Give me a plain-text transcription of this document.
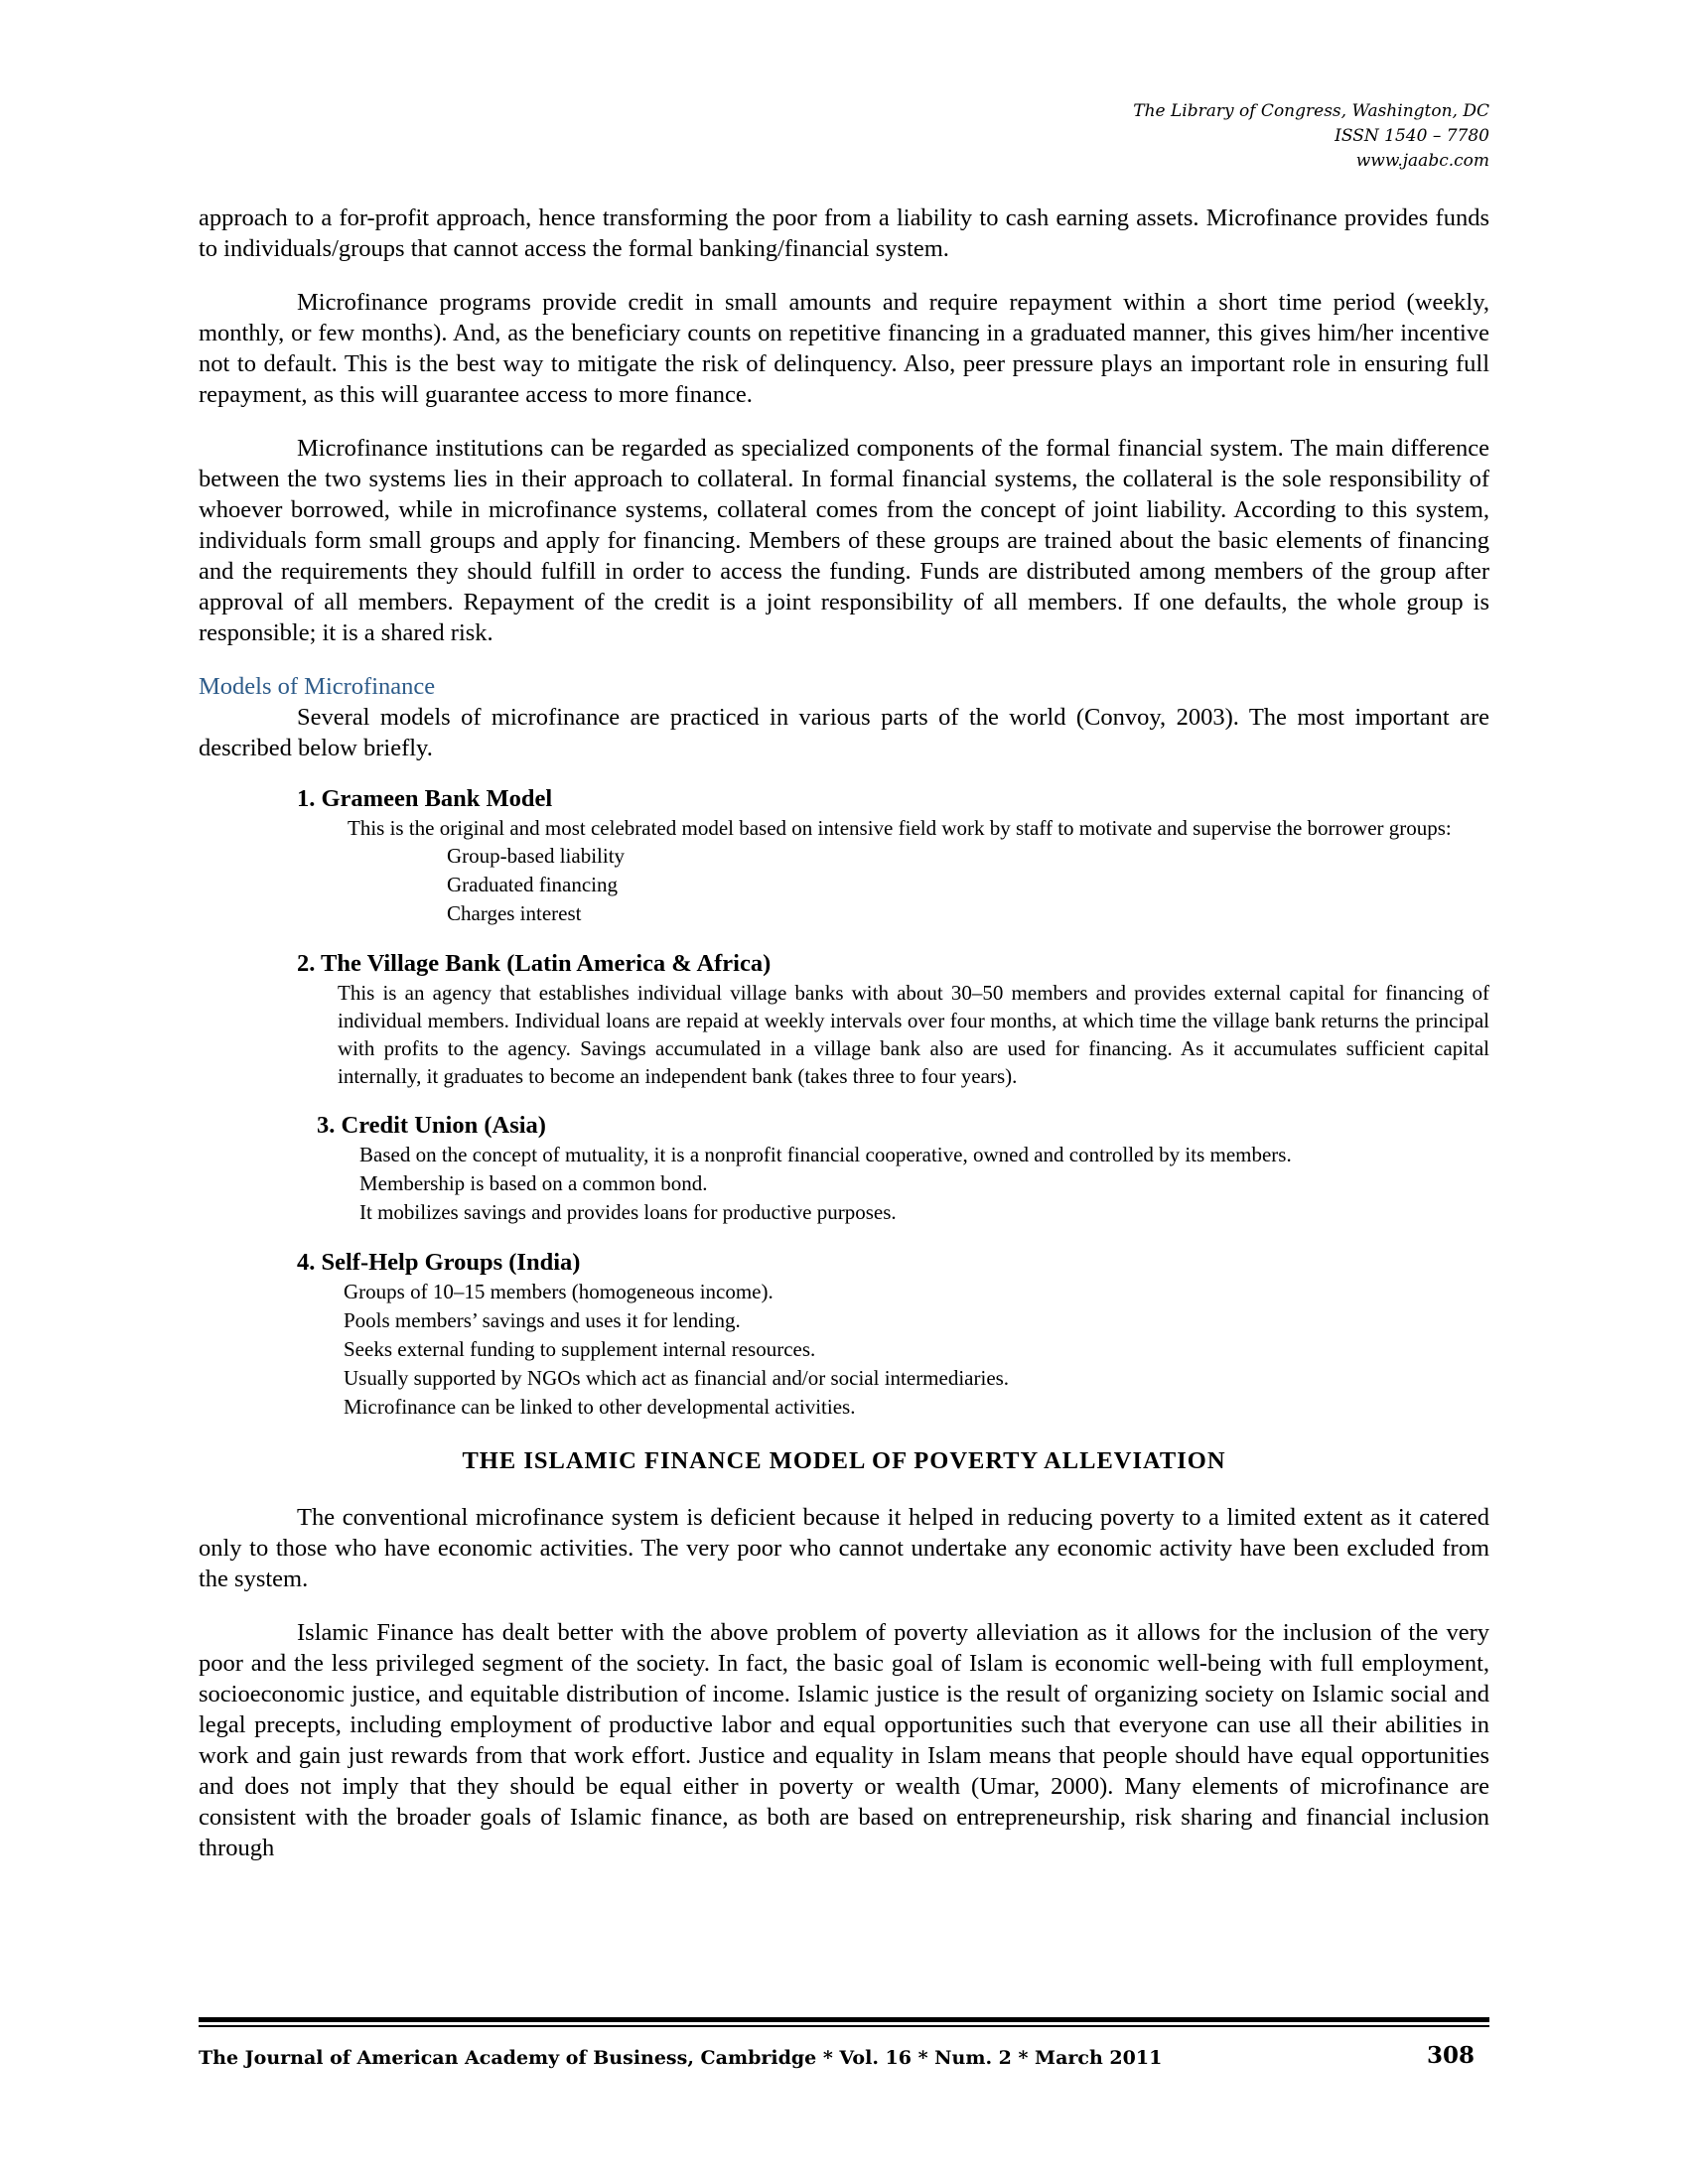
The Library of Congress, Washington, DC
ISSN 1540 – 7780
www.jaabc.com

approach to a for-profit approach, hence transforming the poor from a liability to cash earning assets. Microfinance provides funds to individuals/groups that cannot access the formal banking/financial system.

Microfinance programs provide credit in small amounts and require repayment within a short time period (weekly, monthly, or few months). And, as the beneficiary counts on repetitive financing in a graduated manner, this gives him/her incentive not to default. This is the best way to mitigate the risk of delinquency. Also, peer pressure plays an important role in ensuring full repayment, as this will guarantee access to more finance.

Microfinance institutions can be regarded as specialized components of the formal financial system. The main difference between the two systems lies in their approach to collateral. In formal financial systems, the collateral is the sole responsibility of whoever borrowed, while in microfinance systems, collateral comes from the concept of joint liability. According to this system, individuals form small groups and apply for financing. Members of these groups are trained about the basic elements of financing and the requirements they should fulfill in order to access the funding. Funds are distributed among members of the group after approval of all members. Repayment of the credit is a joint responsibility of all members. If one defaults, the whole group is responsible; it is a shared risk.

Models of Microfinance

Several models of microfinance are practiced in various parts of the world (Convoy, 2003). The most important are described below briefly.

1. Grameen Bank Model
This is the original and most celebrated model based on intensive field work by staff to motivate and supervise the borrower groups:
Group-based liability
Graduated financing
Charges interest
2. The Village Bank (Latin America & Africa)
This is an agency that establishes individual village banks with about 30–50 members and provides external capital for financing of individual members. Individual loans are repaid at weekly intervals over four months, at which time the village bank returns the principal with profits to the agency. Savings accumulated in a village bank also are used for financing. As it accumulates sufficient capital internally, it graduates to become an independent bank (takes three to four years).
3. Credit Union (Asia)
Based on the concept of mutuality, it is a nonprofit financial cooperative, owned and controlled by its members.
Membership is based on a common bond.
It mobilizes savings and provides loans for productive purposes.
4. Self-Help Groups (India)
Groups of 10–15 members (homogeneous income).
Pools members’ savings and uses it for lending.
Seeks external funding to supplement internal resources.
Usually supported by NGOs which act as financial and/or social intermediaries.
Microfinance can be linked to other developmental activities.
THE ISLAMIC FINANCE MODEL OF POVERTY ALLEVIATION

The conventional microfinance system is deficient because it helped in reducing poverty to a limited extent as it catered only to those who have economic activities. The very poor who cannot undertake any economic activity have been excluded from the system.

Islamic Finance has dealt better with the above problem of poverty alleviation as it allows for the inclusion of the very poor and the less privileged segment of the society. In fact, the basic goal of Islam is economic well-being with full employment, socioeconomic justice, and equitable distribution of income. Islamic justice is the result of organizing society on Islamic social and legal precepts, including employment of productive labor and equal opportunities such that everyone can use all their abilities in work and gain just rewards from that work effort. Justice and equality in Islam means that people should have equal opportunities and does not imply that they should be equal either in poverty or wealth (Umar, 2000). Many elements of microfinance are consistent with the broader goals of Islamic finance, as both are based on entrepreneurship, risk sharing and financial inclusion through

The Journal of American Academy of Business, Cambridge * Vol. 16 * Num. 2 * March 2011	308
